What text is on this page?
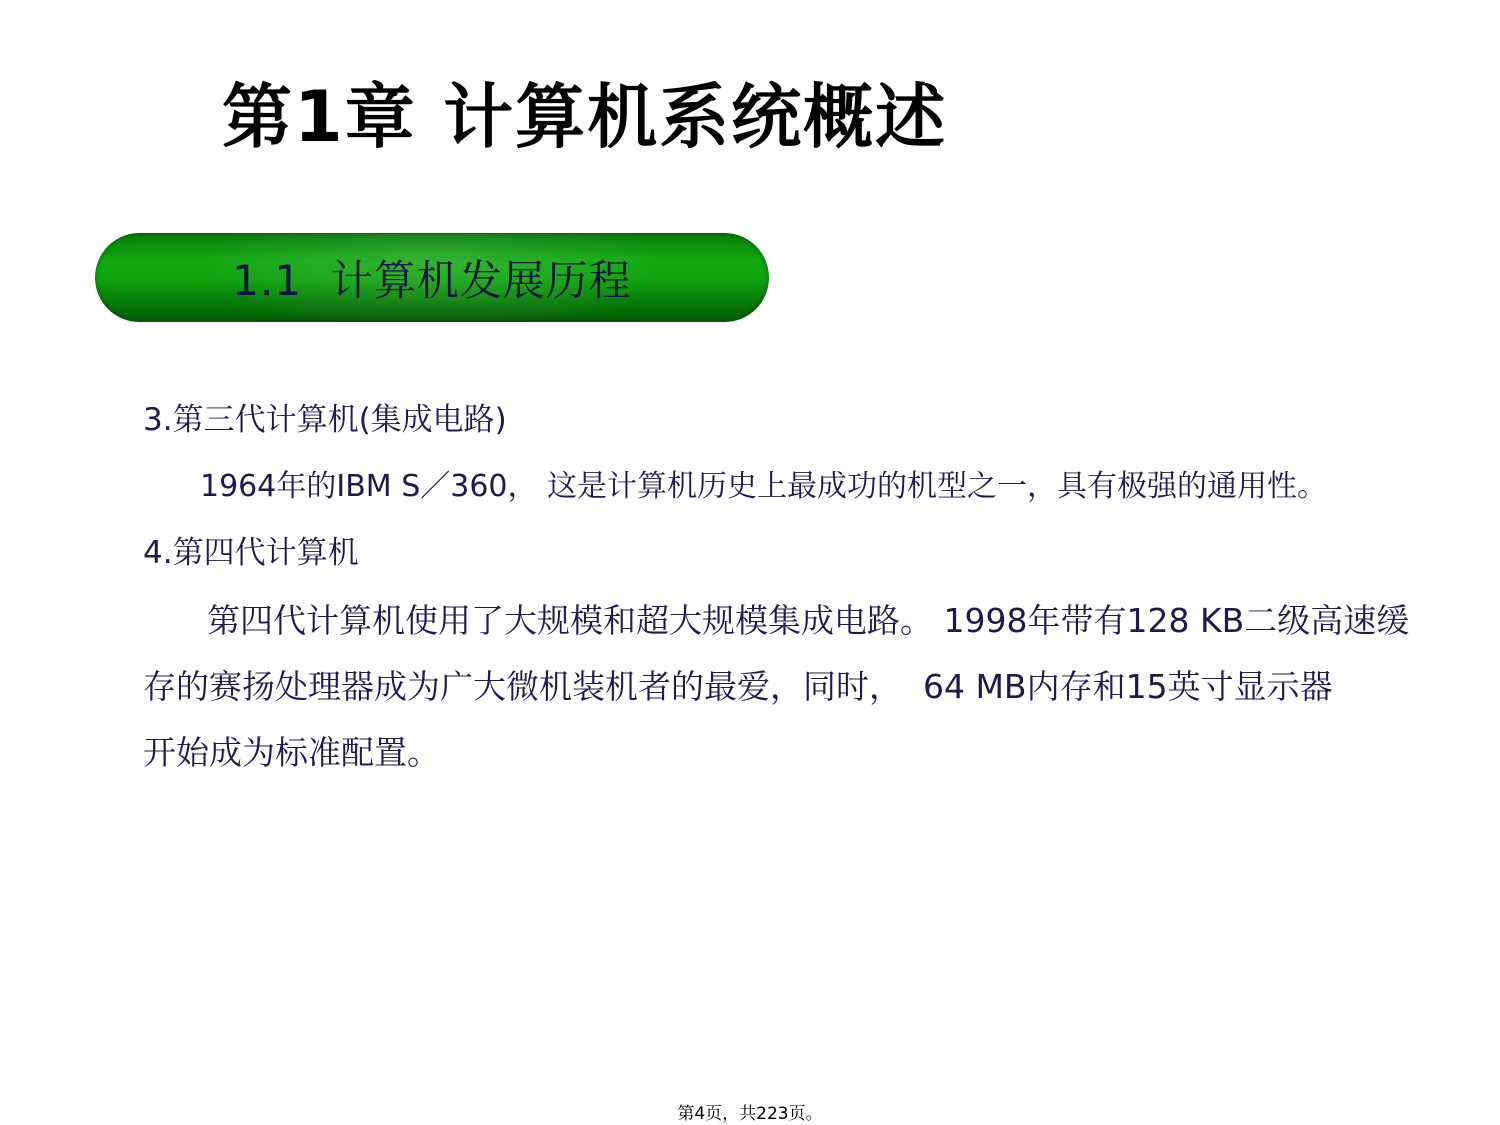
第1章 计算机系统概述
1.1  计算机发展历程
3.第三代计算机(集成电路)
1964年的IBM S／360， 这是计算机历史上最成功的机型之一，具有极强的通用性。
4.第四代计算机
第四代计算机使用了大规模和超大规模集成电路。 1998年带有128 KB二级高速缓
存的赛扬处理器成为广大微机装机者的最爱，同时，  64 MB内存和15英寸显示器
开始成为标准配置。
第4页，共223页。
